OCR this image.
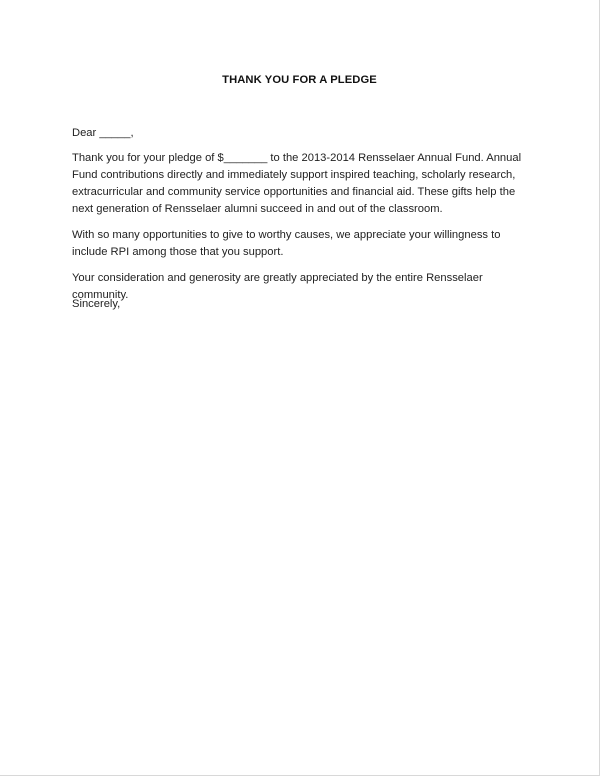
THANK YOU FOR A PLEDGE

Dear _____,

Thank you for your pledge of $_______ to the 2013-2014 Rensselaer Annual Fund. Annual Fund contributions directly and immediately support inspired teaching, scholarly research, extracurricular and community service opportunities and financial aid. These gifts help the next generation of Rensselaer alumni succeed in and out of the classroom.

With so many opportunities to give to worthy causes, we appreciate your willingness to include RPI among those that you support.

Your consideration and generosity are greatly appreciated by the entire Rensselaer community.

Sincerely,
